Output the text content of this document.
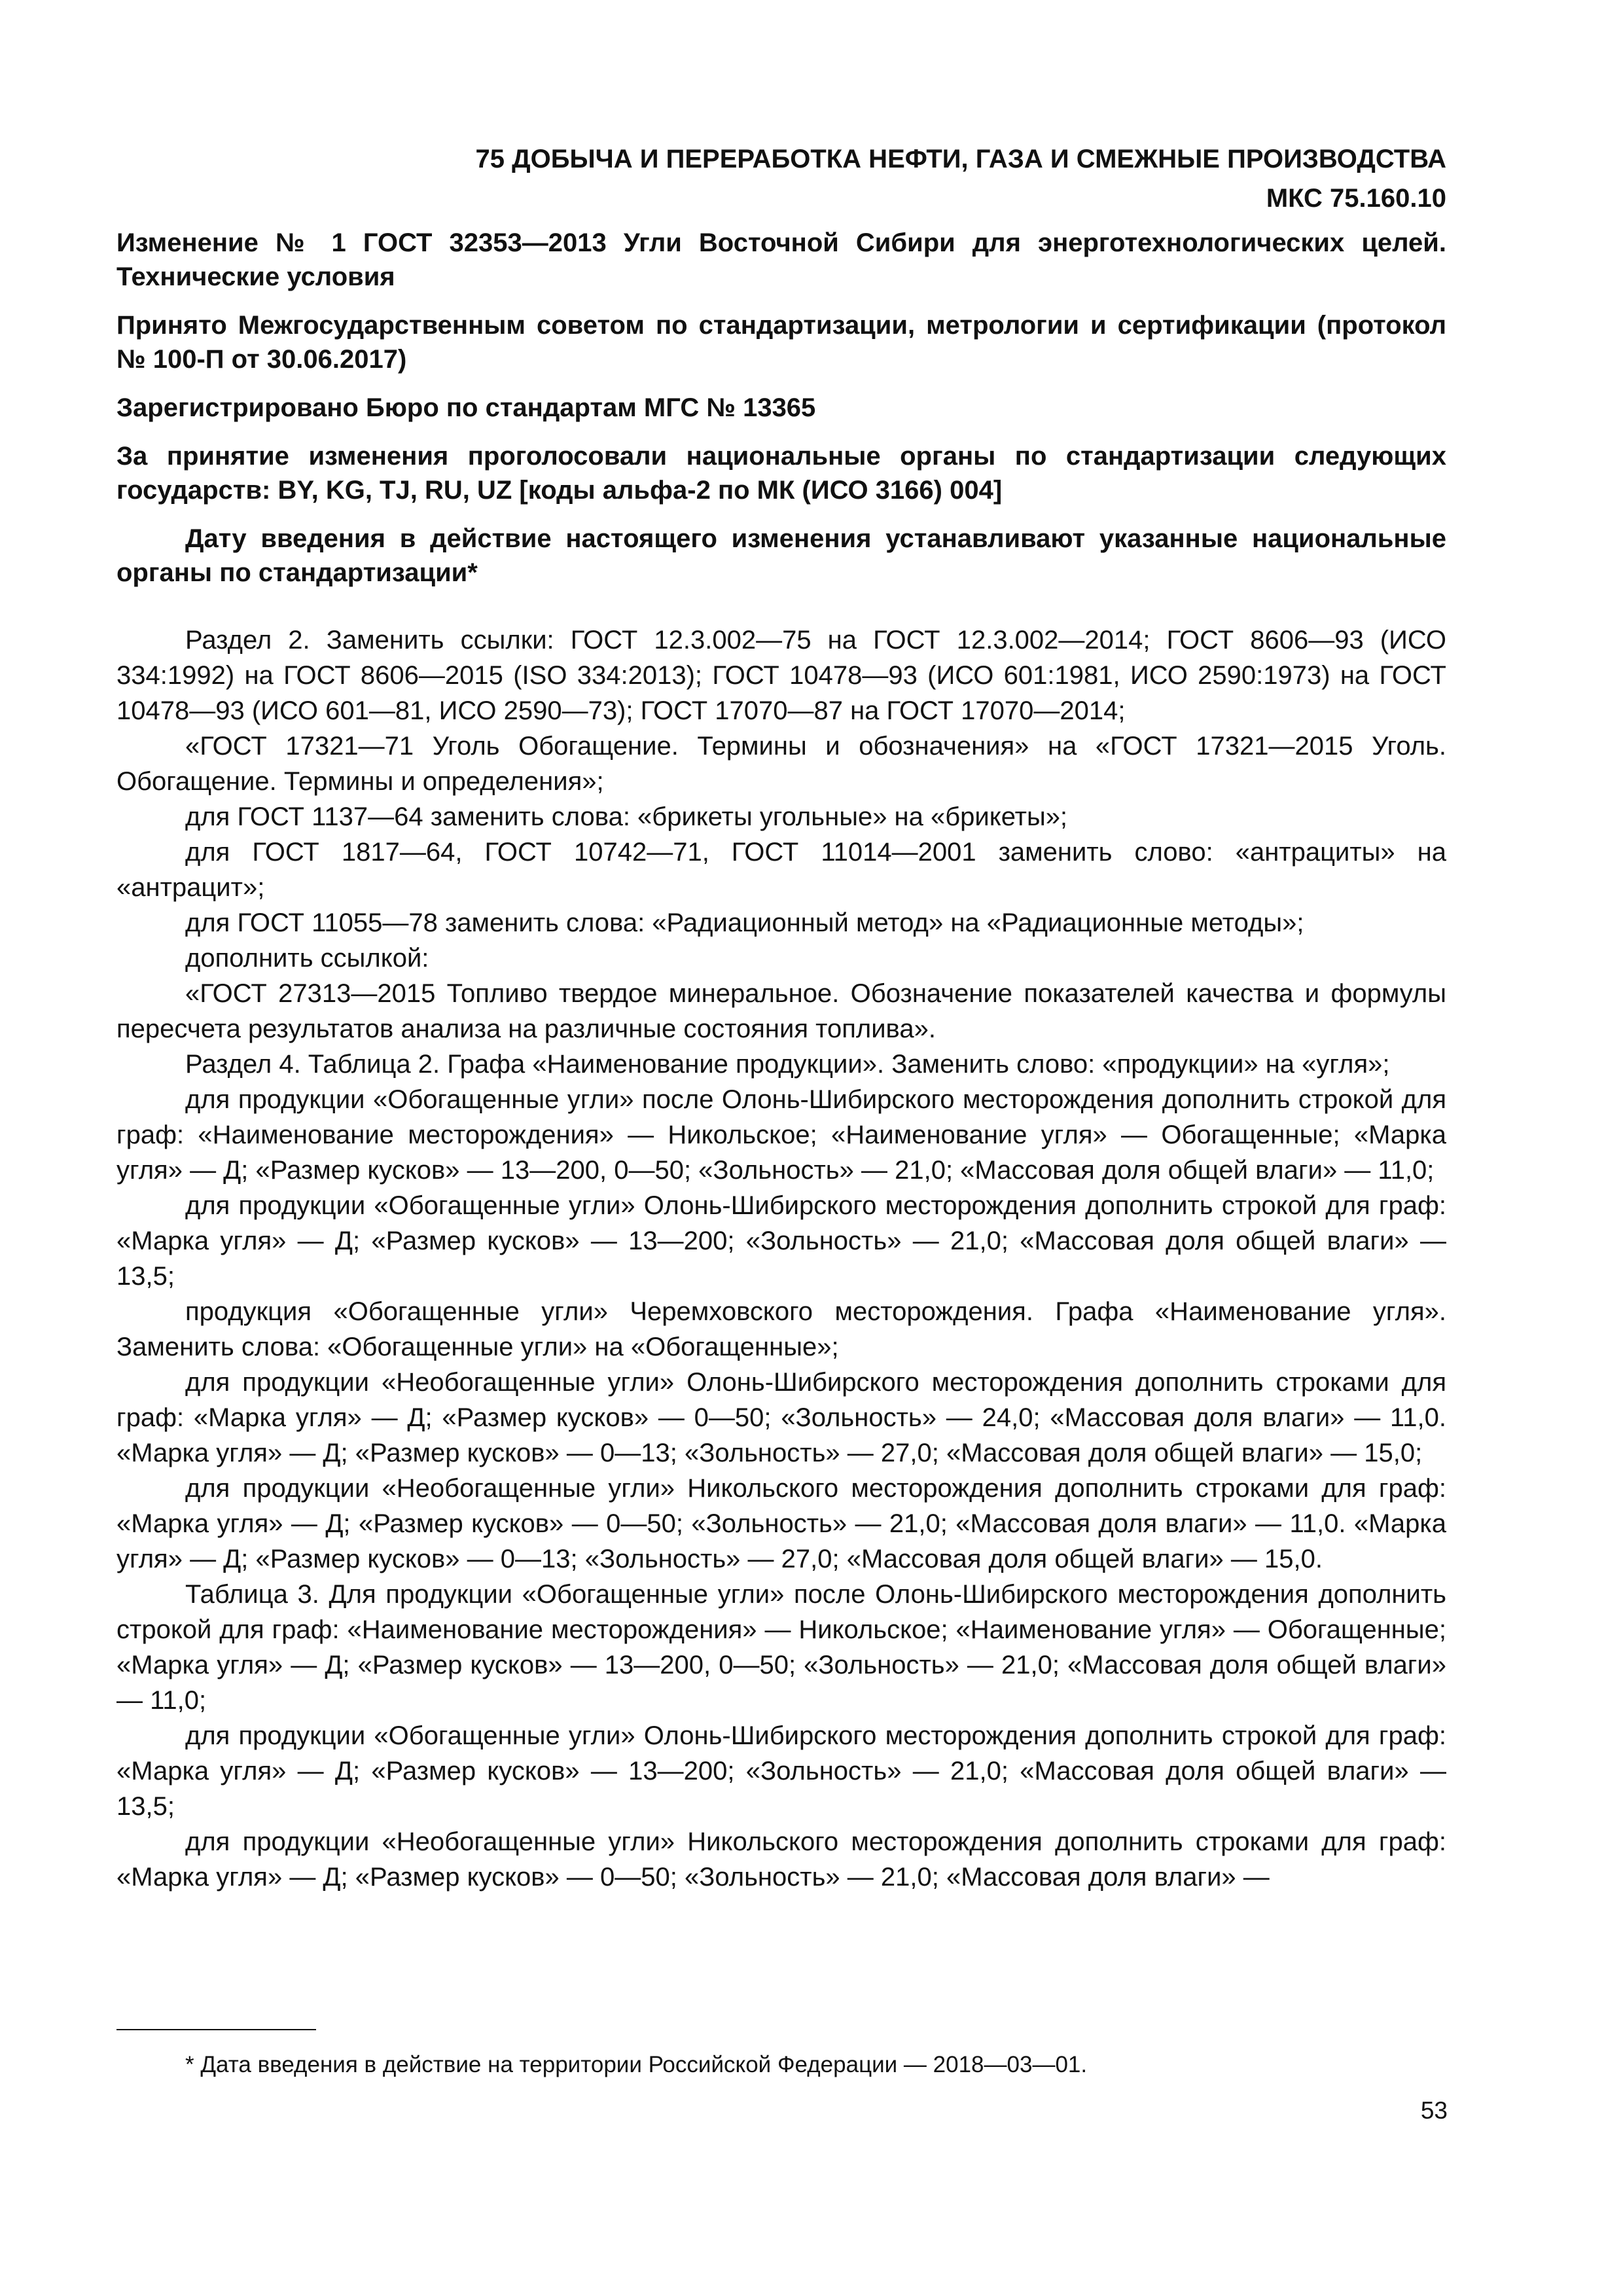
75 ДОБЫЧА И ПЕРЕРАБОТКА НЕФТИ, ГАЗА И СМЕЖНЫЕ ПРОИЗВОДСТВА
МКС 75.160.10

Изменение № 1 ГОСТ 32353—2013 Угли Восточной Сибири для энерготехнологических целей. Технические условия

Принято Межгосударственным советом по стандартизации, метрологии и сертификации (протокол № 100-П от 30.06.2017)

Зарегистрировано Бюро по стандартам МГС № 13365

За принятие изменения проголосовали национальные органы по стандартизации следующих государств: BY, KG, TJ, RU, UZ [коды альфа-2 по МК (ИСО 3166) 004]

Дату введения в действие настоящего изменения устанавливают указанные национальные органы по стандартизации*

Раздел 2. Заменить ссылки: ГОСТ 12.3.002—75 на ГОСТ 12.3.002—2014; ГОСТ 8606—93 (ИСО 334:1992) на ГОСТ 8606—2015 (ISO 334:2013); ГОСТ 10478—93 (ИСО 601:1981, ИСО 2590:1973) на ГОСТ 10478—93 (ИСО 601—81, ИСО 2590—73); ГОСТ 17070—87 на ГОСТ 17070—2014;

«ГОСТ 17321—71 Уголь Обогащение. Термины и обозначения» на «ГОСТ 17321—2015 Уголь. Обогащение. Термины и определения»;

для ГОСТ 1137—64 заменить слова: «брикеты угольные» на «брикеты»;

для ГОСТ 1817—64, ГОСТ 10742—71, ГОСТ 11014—2001 заменить слово: «антрациты» на «антрацит»;

для ГОСТ 11055—78 заменить слова: «Радиационный метод» на «Радиационные методы»;

дополнить ссылкой:

«ГОСТ 27313—2015 Топливо твердое минеральное. Обозначение показателей качества и формулы пересчета результатов анализа на различные состояния топлива».

Раздел 4. Таблица 2. Графа «Наименование продукции». Заменить слово: «продукции» на «угля»;

для продукции «Обогащенные угли» после Олонь-Шибирского месторождения дополнить строкой для граф: «Наименование месторождения» — Никольское; «Наименование угля» — Обогащенные; «Марка угля» — Д; «Размер кусков» — 13—200, 0—50; «Зольность» — 21,0; «Массовая доля общей влаги» — 11,0;

для продукции «Обогащенные угли» Олонь-Шибирского месторождения дополнить строкой для граф: «Марка угля» — Д; «Размер кусков» — 13—200; «Зольность» — 21,0; «Массовая доля общей влаги» — 13,5;

продукция «Обогащенные угли» Черемховского месторождения. Графа «Наименование угля». Заменить слова: «Обогащенные угли» на «Обогащенные»;

для продукции «Необогащенные угли» Олонь-Шибирского месторождения дополнить строками для граф: «Марка угля» — Д; «Размер кусков» — 0—50; «Зольность» — 24,0; «Массовая доля влаги» — 11,0. «Марка угля» — Д; «Размер кусков» — 0—13; «Зольность» — 27,0; «Массовая доля общей влаги» — 15,0;

для продукции «Необогащенные угли» Никольского месторождения дополнить строками для граф: «Марка угля» — Д; «Размер кусков» — 0—50; «Зольность» — 21,0; «Массовая доля влаги» — 11,0. «Марка угля» — Д; «Размер кусков» — 0—13; «Зольность» — 27,0; «Массовая доля общей влаги» — 15,0.

Таблица 3. Для продукции «Обогащенные угли» после Олонь-Шибирского месторождения дополнить строкой для граф: «Наименование месторождения» — Никольское; «Наименование угля» — Обогащенные; «Марка угля» — Д; «Размер кусков» — 13—200, 0—50; «Зольность» — 21,0; «Массовая доля общей влаги» — 11,0;

для продукции «Обогащенные угли» Олонь-Шибирского месторождения дополнить строкой для граф: «Марка угля» — Д; «Размер кусков» — 13—200; «Зольность» — 21,0; «Массовая доля общей влаги» — 13,5;

для продукции «Необогащенные угли» Никольского месторождения дополнить строками для граф: «Марка угля» — Д; «Размер кусков» — 0—50; «Зольность» — 21,0; «Массовая доля влаги» —

* Дата введения в действие на территории Российской Федерации — 2018—03—01.
53
